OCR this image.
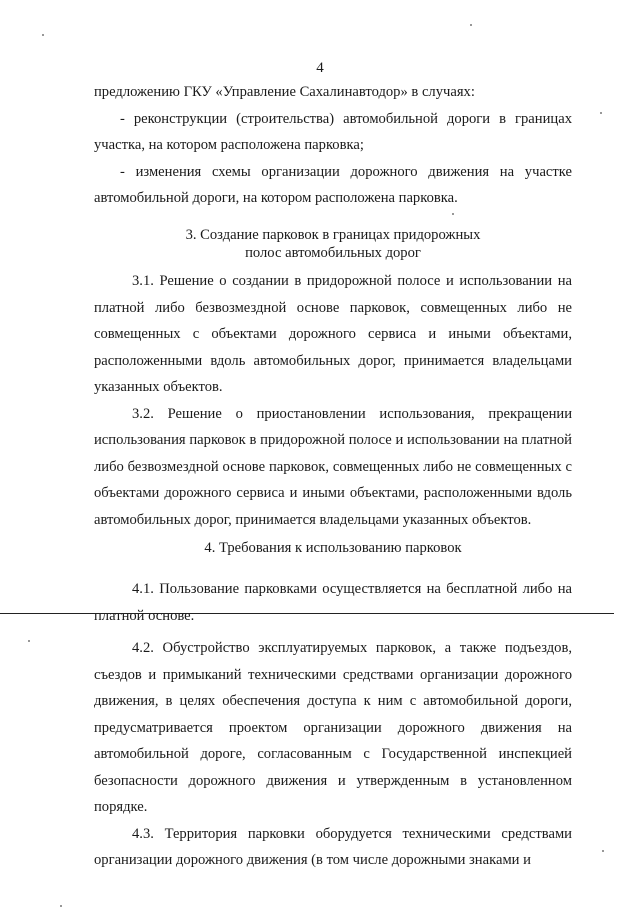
4

предложению ГКУ «Управление Сахалинавтодор» в случаях:

- реконструкции (строительства) автомобильной дороги в границах участка, на котором расположена парковка;

- изменения схемы организации дорожного движения на участке автомобильной дороги, на котором расположена парковка.

3. Создание парковок в границах придорожных

полос автомобильных дорог

3.1. Решение о создании в придорожной полосе и использовании на платной либо безвозмездной основе парковок, совмещенных либо не совмещенных с объектами дорожного сервиса и иными объектами, расположенными вдоль автомобильных дорог, принимается владельцами указанных объектов.

3.2. Решение о приостановлении использования, прекращении использования парковок в придорожной полосе и использовании на платной либо безвозмездной основе парковок, совмещенных либо не совмещенных с объектами дорожного сервиса и иными объектами, расположенными вдоль автомобильных дорог, принимается владельцами указанных объектов.

4. Требования к использованию парковок

4.1. Пользование парковками осуществляется на бесплатной либо на платной основе.

4.2. Обустройство эксплуатируемых парковок, а также подъездов, съездов и примыканий техническими средствами организации дорожного движения, в целях обеспечения доступа к ним с автомобильной дороги, предусматривается проектом организации дорожного движения на автомобильной дороге, согласованным с Государственной инспекцией безопасности дорожного движения и утвержденным в установленном порядке.

4.3. Территория парковки оборудуется техническими средствами организации дорожного движения (в том числе дорожными знаками и
